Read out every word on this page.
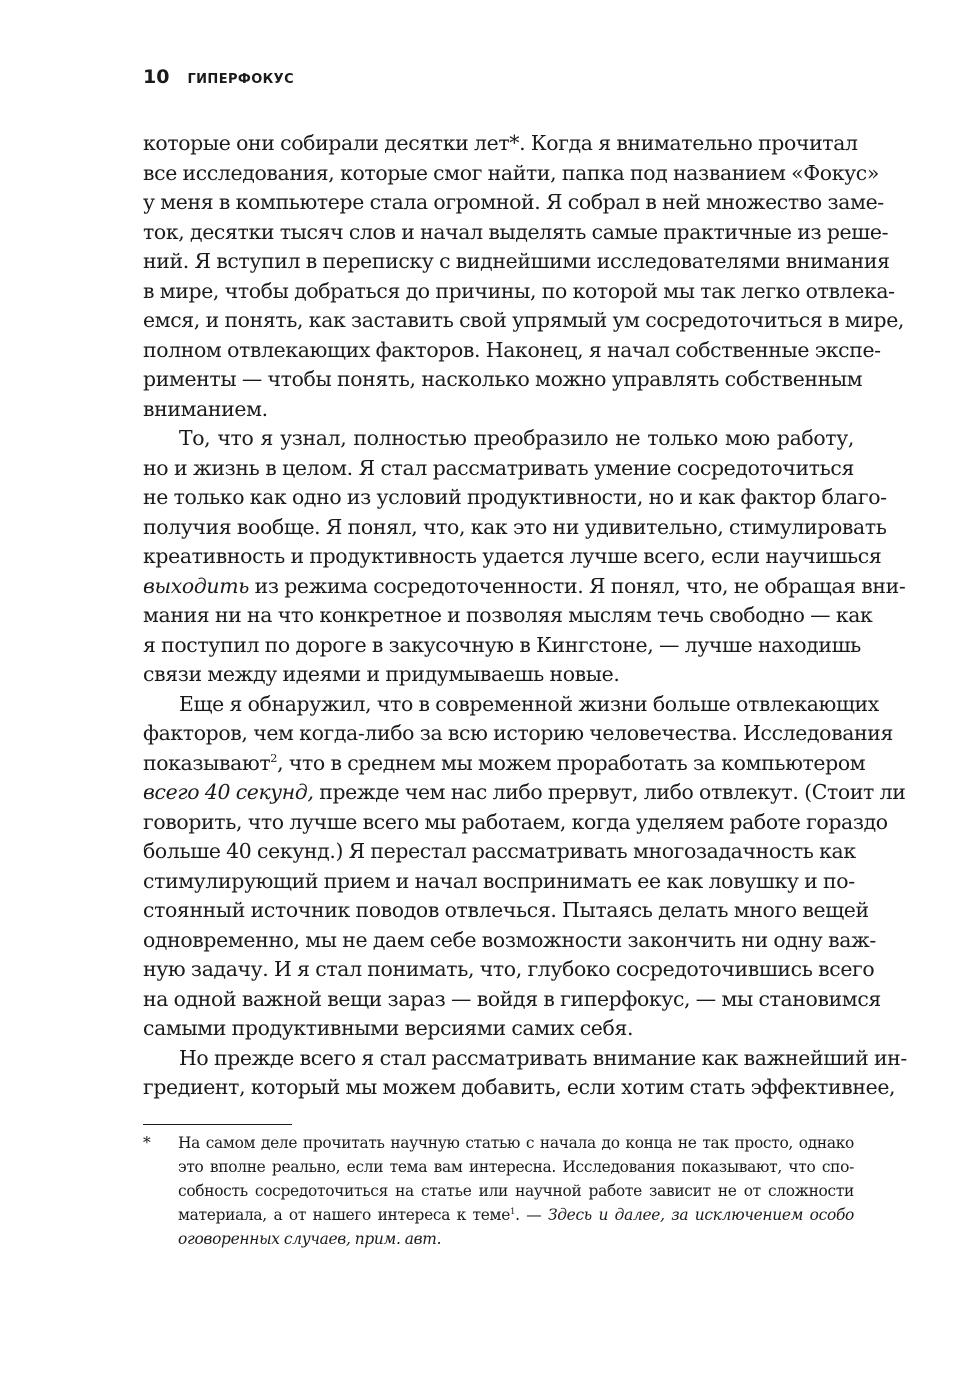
10 ГИПЕРФОКУС
которые они собирали десятки лет*. Когда я внимательно прочитал
все исследования, которые смог найти, папка под названием «Фокус»
у меня в компьютере стала огромной. Я собрал в ней множество заме-
ток, десятки тысяч слов и начал выделять самые практичные из реше-
ний. Я вступил в переписку с виднейшими исследователями внимания
в мире, чтобы добраться до причины, по которой мы так легко отвлека-
емся, и понять, как заставить свой упрямый ум сосредоточиться в мире,
полном отвлекающих факторов. Наконец, я начал собственные экспе-
рименты — чтобы понять, насколько можно управлять собственным
вниманием.
То, что я узнал, полностью преобразило не только мою работу,
но и жизнь в целом. Я стал рассматривать умение сосредоточиться
не только как одно из условий продуктивности, но и как фактор благо-
получия вообще. Я понял, что, как это ни удивительно, стимулировать
креативность и продуктивность удается лучше всего, если научишься
выходить из режима сосредоточенности. Я понял, что, не обращая вни-
мания ни на что конкретное и позволяя мыслям течь свободно — как
я поступил по дороге в закусочную в Кингстоне, — лучше находишь
связи между идеями и придумываешь новые.
Еще я обнаружил, что в современной жизни больше отвлекающих
факторов, чем когда-либо за всю историю человечества. Исследования
показывают$^2$, что в среднем мы можем проработать за компьютером
всего 40 секунд, прежде чем нас либо прервут, либо отвлекут. (Стоит ли
говорить, что лучше всего мы работаем, когда уделяем работе гораздо
больше 40 секунд.) Я перестал рассматривать многозадачность как
стимулирующий прием и начал воспринимать ее как ловушку и по-
стоянный источник поводов отвлечься. Пытаясь делать много вещей
одновременно, мы не даем себе возможности закончить ни одну важ-
ную задачу. И я стал понимать, что, глубоко сосредоточившись всего
на одной важной вещи зараз — войдя в гиперфокус, — мы становимся
самыми продуктивными версиями самих себя.
Но прежде всего я стал рассматривать внимание как важнейший ин-
гредиент, который мы можем добавить, если хотим стать эффективнее,
* На самом деле прочитать научную статью с начала до конца не так просто, однако
это вполне реально, если тема вам интересна. Исследования показывают, что спо-
собность сосредоточиться на статье или научной работе зависит не от сложности
материала, а от нашего интереса к теме$^1$. — Здесь и далее, за исключением особо
оговоренных случаев, прим. авт.
